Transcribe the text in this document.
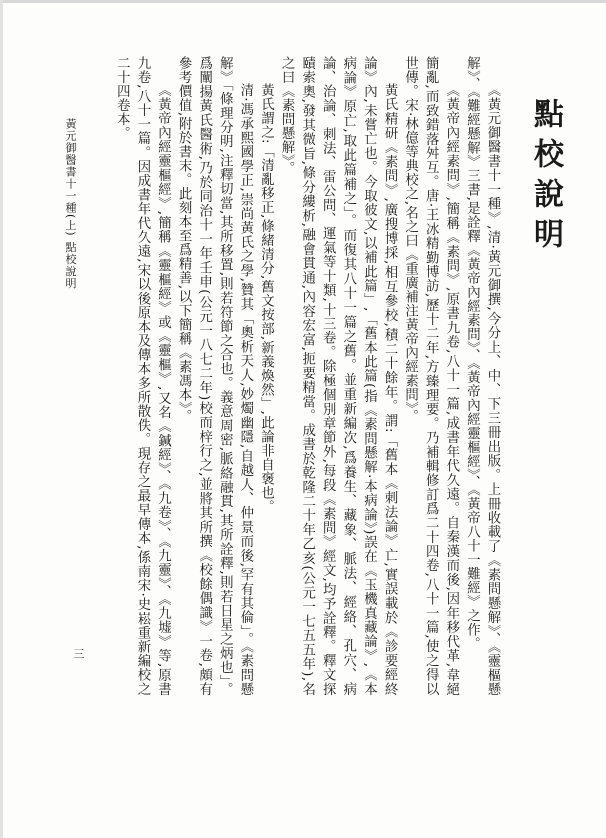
點校說明

《黃元御醫書十一種》,清·黃元御撰,今分上、中、下三冊出版。上冊收載了《素問懸解》、《靈樞懸解》、《難經懸解》三書,是詮釋《黃帝內經素問》、《黃帝內經靈樞經》、《黃帝八十一難經》之作。

《黃帝內經素問》,簡稱《素問》,原書九卷,八十一篇,成書年代久遠。自秦漢而後,因年移代革,韋絕簡亂,而致錯落舛互。唐·王冰精勤博訪,歷十二年,方臻理要。乃補輯修訂爲二十四卷,八十一篇,使之得以世傳。宋·林億等典校之,名之曰《重廣補注黃帝內經素問》。

黃氏精研《素問》,廣搜博採,相互參校,積二十餘年。謂:「舊本《刺法論》亡,實誤載於《診要經終論》內,未嘗亡也。今取彼文,以補此篇」,「舊本此篇(指《素問懸解·本病論》)誤在《玉機真藏論》,《本病論》原亡,取此篇補之」。而復其八十一篇之舊。並重新編次,爲養生、藏象、脈法、經絡、孔穴、病論、治論、刺法、雷公問、運氣等十類,十三卷。除極個別章節外,每段《素問》經文,均予詮釋。釋文探賾索奧,發其微旨,條分縷析,融會貫通,內容宏富,扼要精當。成書於乾隆二十年乙亥(公元一七五五年),名之曰《素問懸解》。

黃氏謂之:「清亂移正,條緒清分,舊文按部,新義煥然」,此論非自褒也。

清·馮承熙國學正,崇尚黃氏之學,贊其「奧析天人,妙燭幽隱,自越人、仲景而後,罕有其倫」。《素問懸解》「條理分明,注釋切當,其所移置,則若符節之合也。義意周密,脈絡融貫,其所詮釋,則若日星之炳也」。爲闡揚黃氏醫術,乃於同治十一年壬申(公元一八七二年)校而梓行之,並將其所撰《校餘偶識》一卷,頗有參考價值,附於書末。此刻本至爲精善,以下簡稱《素馮本》。

《黃帝內經靈樞經》,簡稱《靈樞經》或《靈樞》,又名《鍼經》、《九卷》、《九靈》、《九墟》等,原書九卷,八十一篇。因成書年代久遠,宋以後原本及傳本多所散佚。現存之最早傳本,係南宋·史崧重新編校之二十四卷本。

黃元御醫書十一種(上) 點校說明
三
